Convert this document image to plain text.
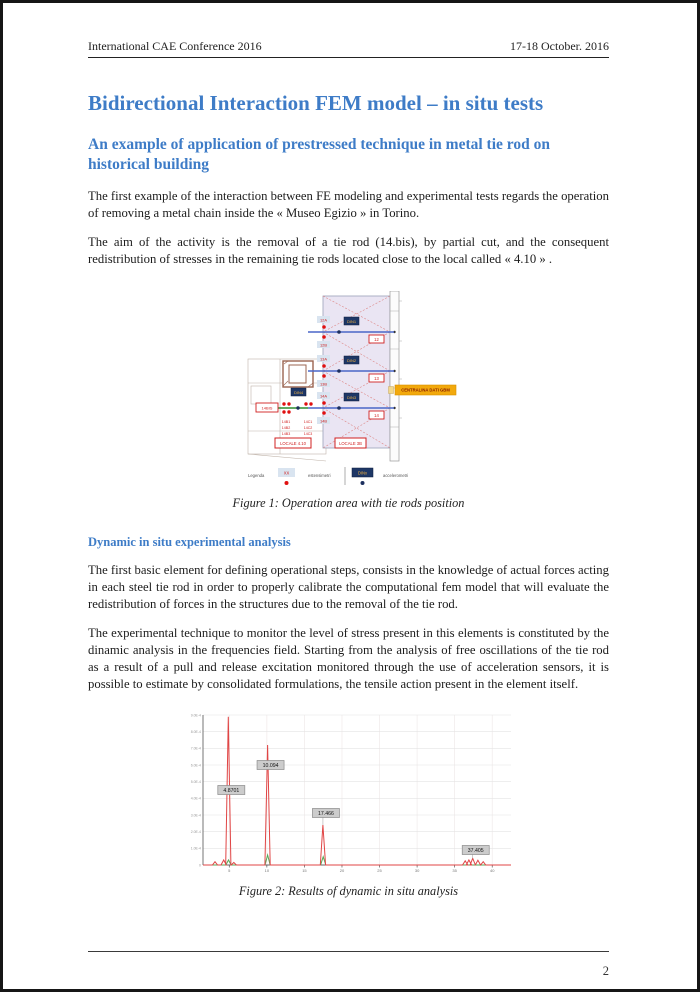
International CAE Conference 2016	17-18 October. 2016
Bidirectional Interaction FEM model – in situ tests
An example of application of prestressed technique in metal tie rod on historical building

The first example of the interaction between FE modeling and experimental tests regards the operation of removing a metal chain inside the « Museo Egizio » in Torino.

The aim of the activity is the removal of a tie rod (14.bis), by partial cut, and the consequent redistribution of stresses in the remaining tie rods located close to the local called « 4.10 » .

12A
12B
DIN1
12
13A
13B
DIN2
13
14A
14B
DIN3
14
14BIS
DIN4
14B1
14B2
14B3
14C1
14C2
14C3
LOCALE 4.10	LOCALE 3B
CENTRALINA DATI GBM
Legenda
XX
estensimetri	DINx	accelerometri
Figure 1: Operation area with tie rods position
Dynamic in situ experimental analysis

The first basic element for defining operational steps, consists in the knowledge of actual forces acting in each steel tie rod in order to properly calibrate the computational fem model that will evaluate the redistribution of forces in the structures due to the removal of the tie rod.

The experimental technique to monitor the level of stress present in this elements is constituted by the dinamic analysis in the frequencies field. Starting from the analysis of free oscillations of the tie rod as a result of a pull and release excitation monitored through the use of acceleration sensors, it is possible to estimate by consolidated formulations, the tensile action present in the element itself.

0
1.0E-4
2.0E-4
3.0E-4
4.0E-4
5.0E-4
6.0E-4
7.0E-4
8.0E-4
9.0E-4
5	10	15	20	25	30	35	40
4.8701
10.094
17.466
37.405
Figure 2: Results of dynamic in situ analysis
2
